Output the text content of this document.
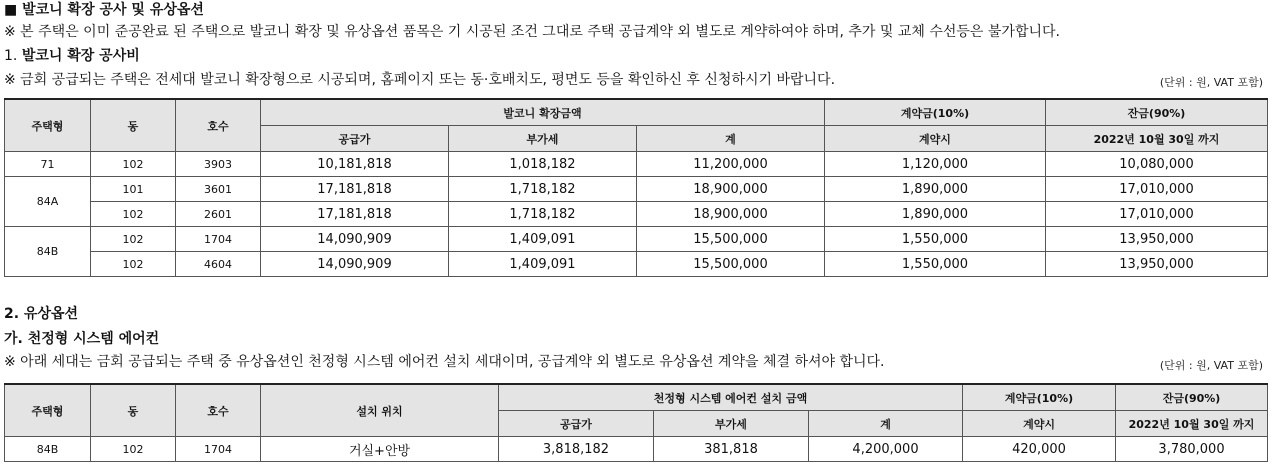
■ 발코니 확장 공사 및 유상옵션
※ 본 주택은 이미 준공완료 된 주택으로 발코니 확장 및 유상옵션 품목은 기 시공된 조건 그대로 주택 공급계약 외 별도로 계약하여야 하며, 추가 및 교체 수선등은 불가합니다.
1. 발코니 확장 공사비
※ 금회 공급되는 주택은 전세대 발코니 확장형으로 시공되며, 홈페이지 또는 동·호배치도, 평면도 등을 확인하신 후 신청하시기 바랍니다.	(단위 : 원, VAT 포함)
주택형	동	호수	발코니 확장금액			계약금(10%)	잔금(90%)
			공급가	부가세	계	계약시	2022년 10월 30일 까지
71	102	3903	10,181,818	1,018,182	11,200,000	1,120,000	10,080,000
84A	101	3601	17,181,818	1,718,182	18,900,000	1,890,000	17,010,000
	102	2601	17,181,818	1,718,182	18,900,000	1,890,000	17,010,000
84B	102	1704	14,090,909	1,409,091	15,500,000	1,550,000	13,950,000
	102	4604	14,090,909	1,409,091	15,500,000	1,550,000	13,950,000
2. 유상옵션
가. 천정형 시스템 에어컨
※ 아래 세대는 금회 공급되는 주택 중 유상옵션인 천정형 시스템 에어컨 설치 세대이며, 공급계약 외 별도로 유상옵션 계약을 체결 하셔야 합니다.	(단위 : 원, VAT 포함)
주택형	동	호수	설치 위치	천정형 시스템 에어컨 설치 금액			계약금(10%)	잔금(90%)
				공급가	부가세	계	계약시	2022년 10월 30일 까지
84B	102	1704	거실+안방	3,818,182	381,818	4,200,000	420,000	3,780,000
